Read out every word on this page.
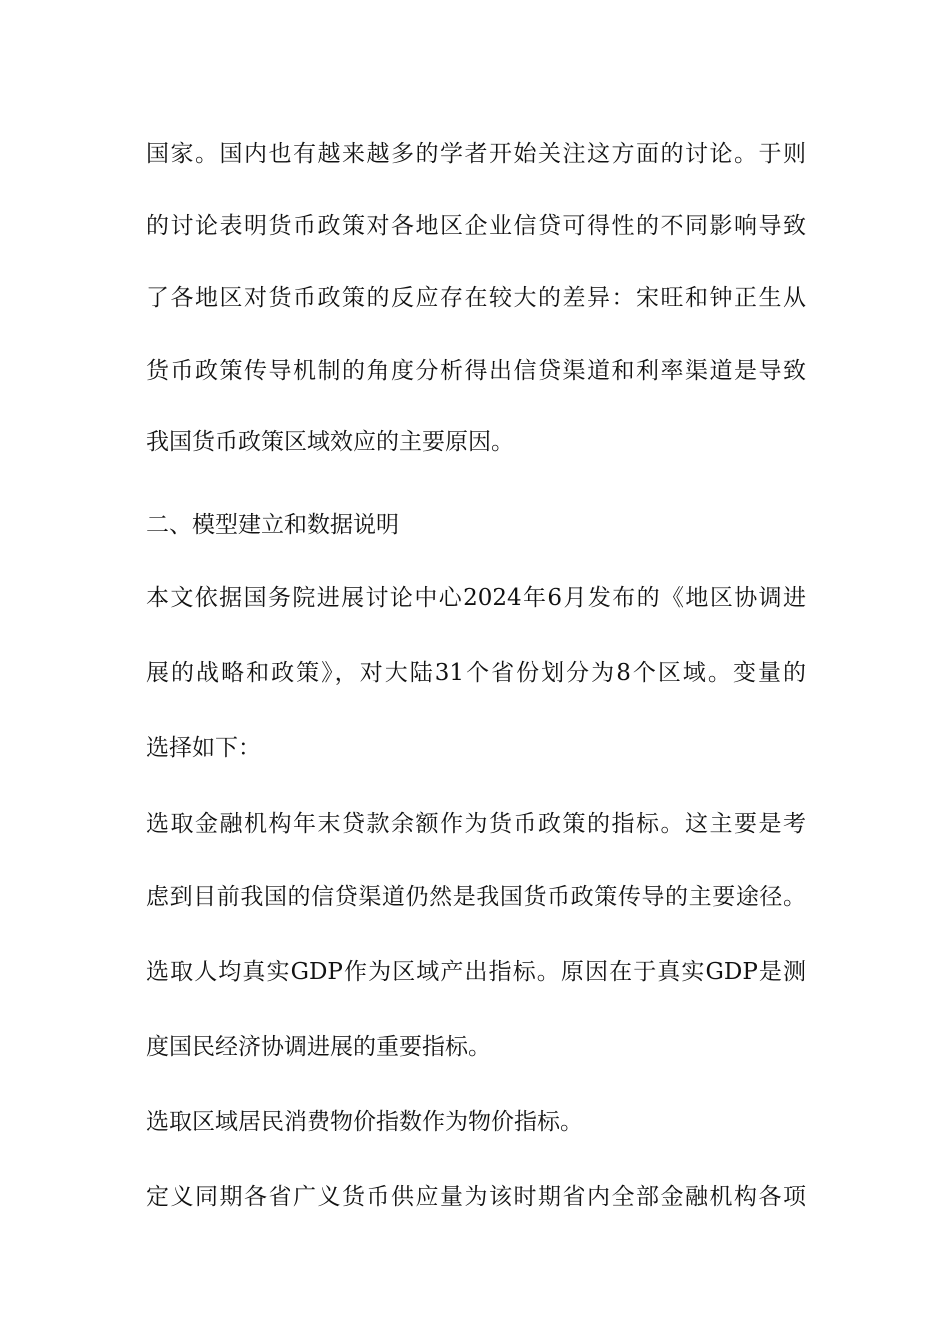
国家。国内也有越来越多的学者开始关注这方面的讨论。于则
的讨论表明货币政策对各地区企业信贷可得性的不同影响导致
了各地区对货币政策的反应存在较大的差异：宋旺和钟正生从
货币政策传导机制的角度分析得出信贷渠道和利率渠道是导致
我国货币政策区域效应的主要原因。
二、模型建立和数据说明
本文依据国务院进展讨论中心2024年6月发布的《地区协调进
展的战略和政策》，对大陆31个省份划分为8个区域。变量的
选择如下：
选取金融机构年末贷款余额作为货币政策的指标。这主要是考
虑到目前我国的信贷渠道仍然是我国货币政策传导的主要途径。
选取人均真实GDP作为区域产出指标。原因在于真实GDP是测
度国民经济协调进展的重要指标。
选取区域居民消费物价指数作为物价指标。
定义同期各省广义货币供应量为该时期省内全部金融机构各项
